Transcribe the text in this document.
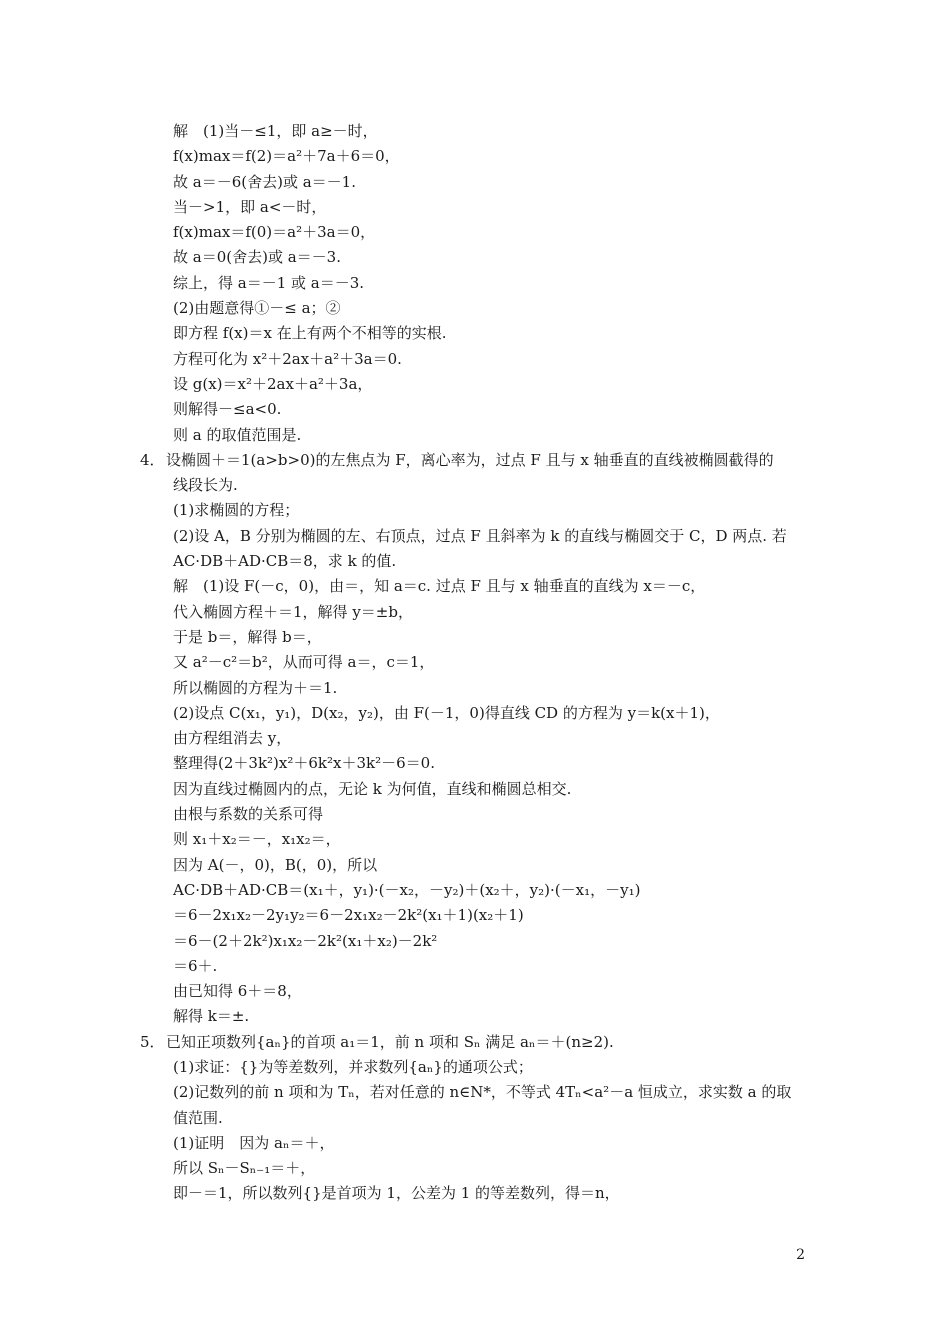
解　(1)当－≤1，即 a≥－时，
f(x)max＝f(2)＝a²＋7a＋6＝0，
故 a＝－6(舍去)或 a＝－1.
当－>1，即 a<－时，
f(x)max＝f(0)＝a²＋3a＝0，
故 a＝0(舍去)或 a＝－3.
综上，得 a＝－1 或 a＝－3.
(2)由题意得①－≤ a；②
即方程 f(x)＝x 在上有两个不相等的实根.
方程可化为 x²＋2ax＋a²＋3a＝0.
设 g(x)＝x²＋2ax＋a²＋3a，
则解得－≤a<0.
则 a 的取值范围是.
4．设椭圆＋＝1(a>b>0)的左焦点为 F，离心率为，过点 F 且与 x 轴垂直的直线被椭圆截得的
线段长为.
(1)求椭圆的方程；
(2)设 A，B 分别为椭圆的左、右顶点，过点 F 且斜率为 k 的直线与椭圆交于 C，D 两点. 若
AC·DB＋AD·CB＝8，求 k 的值.
解　(1)设 F(－c，0)，由＝，知 a＝c. 过点 F 且与 x 轴垂直的直线为 x＝－c，
代入椭圆方程＋＝1，解得 y＝±b，
于是 b＝，解得 b＝，
又 a²－c²＝b²，从而可得 a＝，c＝1，
所以椭圆的方程为＋＝1.
(2)设点 C(x₁，y₁)，D(x₂，y₂)，由 F(－1，0)得直线 CD 的方程为 y＝k(x＋1)，
由方程组消去 y，
整理得(2＋3k²)x²＋6k²x＋3k²－6＝0.
因为直线过椭圆内的点，无论 k 为何值，直线和椭圆总相交.
由根与系数的关系可得
则 x₁＋x₂＝－，x₁x₂＝，
因为 A(－，0)，B(，0)，所以
AC·DB＋AD·CB＝(x₁＋，y₁)·(－x₂，－y₂)＋(x₂＋，y₂)·(－x₁，－y₁)
＝6－2x₁x₂－2y₁y₂＝6－2x₁x₂－2k²(x₁＋1)(x₂＋1)
＝6－(2＋2k²)x₁x₂－2k²(x₁＋x₂)－2k²
＝6＋.
由已知得 6＋＝8，
解得 k＝±.
5．已知正项数列{aₙ}的首项 a₁＝1，前 n 项和 Sₙ 满足 aₙ＝＋(n≥2).
(1)求证：{}为等差数列，并求数列{aₙ}的通项公式；
(2)记数列的前 n 项和为 Tₙ，若对任意的 n∈N*，不等式 4Tₙ<a²－a 恒成立，求实数 a 的取
值范围.
(1)证明　因为 aₙ＝＋，
所以 Sₙ－Sₙ₋₁＝＋，
即－＝1，所以数列{}是首项为 1，公差为 1 的等差数列，得＝n，
2
